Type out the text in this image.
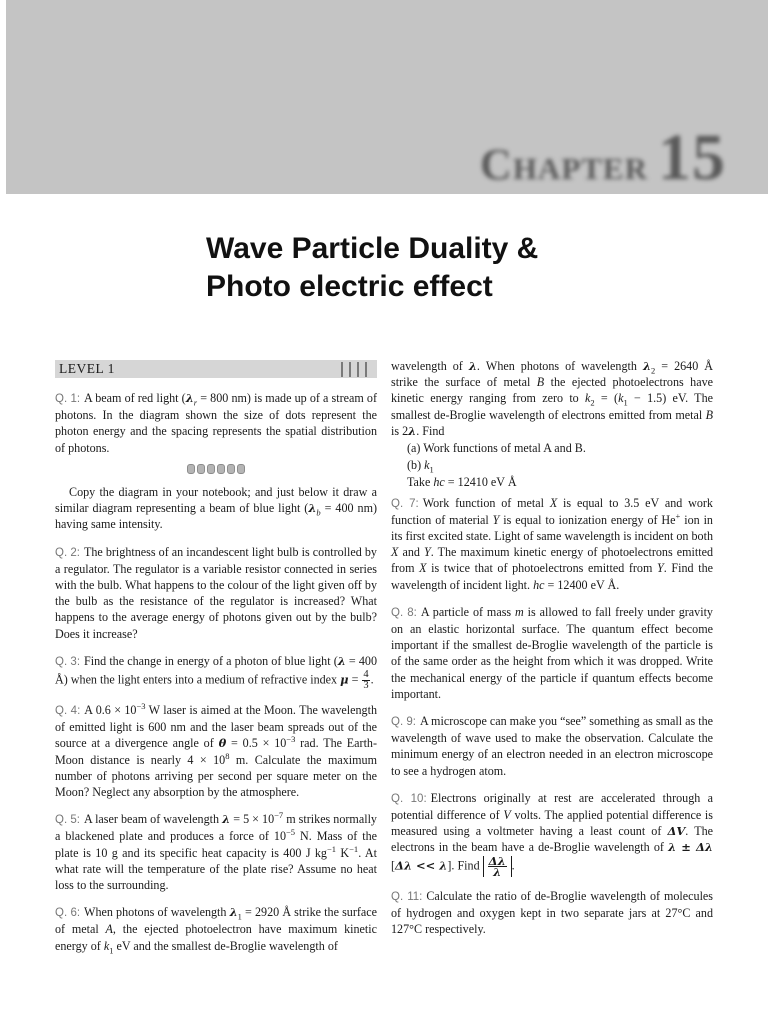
Chapter 15
Wave Particle Duality &
Photo electric effect
LEVEL 1
Q. 1: A beam of red light ($\lambda_r = 800$ nm) is made up of a stream of photons. In the diagram shown the size of dots represent the photon energy and the spacing represents the spatial distribution of photons.
Copy the diagram in your notebook; and just below it draw a similar diagram representing a beam of blue light ($\lambda_b = 400$ nm) having same intensity.
Q. 2: The brightness of an incandescent light bulb is controlled by a regulator. The regulator is a variable resistor connected in series with the bulb. What happens to the colour of the light given off by the bulb as the resistance of the regulator is increased? What happens to the average energy of photons given out by the bulb? Does it increase?
Q. 3: Find the change in energy of a photon of blue light (λ = 400 Å) when the light enters into a medium of refractive index $\mu = \frac{4}{3}$ .
Q. 4: A $0.6 \times 10^{-3}$ W laser is aimed at the Moon. The wavelength of emitted light is 600 nm and the laser beam spreads out of the source at a divergence angle of $\theta = 0.5 \times 10^{-3}$ rad. The Earth-Moon distance is nearly $4 \times 10^8$ m. Calculate the maximum number of photons arriving per second per square meter on the Moon? Neglect any absorption by the atmosphere.
Q. 5: A laser beam of wavelength $\lambda = 5 \times 10^{-7}$ m strikes normally a blackened plate and produces a force of $10^{-5}$ N. Mass of the plate is 10 g and its specific heat capacity is 400 J $kg^{-1}$ $K^{-1}$. At what rate will the temperature of the plate rise? Assume no heat loss to the surrounding.
Q. 6: When photons of wavelength $\lambda_1 = 2920$ Å strike the surface of metal A, the ejected photoelectron have maximum kinetic energy of $k_1$ eV and the smallest de-Broglie wavelength of
wavelength of λ. When photons of wavelength $\lambda_2 = 2640$ Å strike the surface of metal B the ejected photoelectrons have kinetic energy ranging from zero to $k_2 = (k_1 - 1.5)$ eV. The smallest de-Broglie wavelength of electrons emitted from metal B is 2λ. Find
(a) Work functions of metal A and B.
(b) $k_1$
Take hc = 12410 eV Å
Q. 7: Work function of metal X is equal to 3.5 eV and work function of material Y is equal to ionization energy of He+ ion in its first excited state. Light of same wavelength is incident on both X and Y. The maximum kinetic energy of photoelectrons emitted from X is twice that of photoelectrons emitted from Y. Find the wavelength of incident light. hc = 12400 eV Å.
Q. 8: A particle of mass m is allowed to fall freely under gravity on an elastic horizontal surface. The quantum effect become important if the smallest de-Broglie wavelength of the particle is of the same order as the height from which it was dropped. Write the mechanical energy of the particle if quantum effects become important.
Q. 9: A microscope can make you “see” something as small as the wavelength of wave used to make the observation. Calculate the minimum energy of an electron needed in an electron microscope to see a hydrogen atom.
Q. 10: Electrons originally at rest are accelerated through a potential difference of V volts. The applied potential difference is measured using a voltmeter having a least count of ΔV. The electrons in the beam have a de-Broglie wavelength of λ ± Δλ [Δλ << λ]. Find $\frac{\Delta\lambda}{\lambda}$ .
Q. 11: Calculate the ratio of de-Broglie wavelength of molecules of hydrogen and oxygen kept in two separate jars at 27°C and 127°C respectively.
